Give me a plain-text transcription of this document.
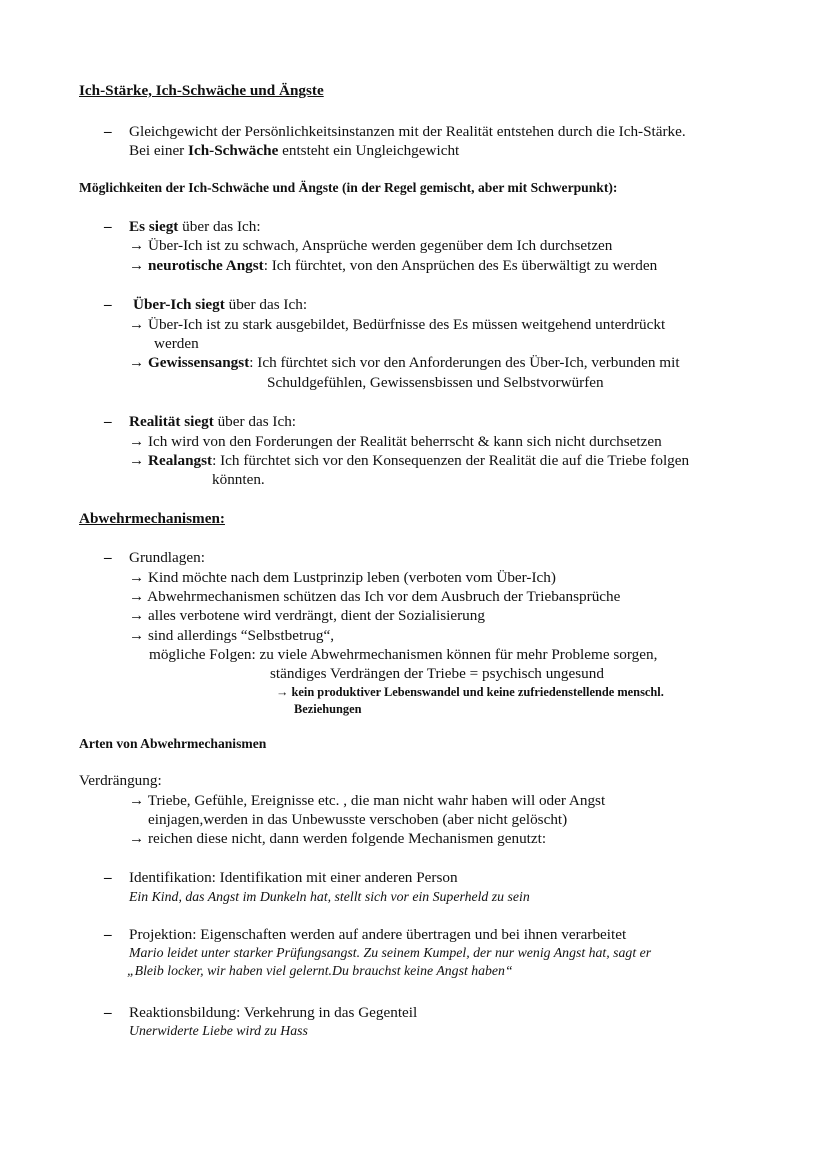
Ich-Stärke, Ich-Schwäche und Ängste
– Gleichgewicht der Persönlichkeitsinstanzen mit der Realität entstehen durch die Ich-Stärke.
Bei einer Ich-Schwäche entsteht ein Ungleichgewicht
Möglichkeiten der Ich-Schwäche und Ängste (in der Regel gemischt, aber mit Schwerpunkt):
– Es siegt über das Ich:
→ Über-Ich ist zu schwach, Ansprüche werden gegenüber dem Ich durchsetzen
→ neurotische Angst: Ich fürchtet, von den Ansprüchen des Es überwältigt zu werden
– Über-Ich siegt über das Ich:
→ Über-Ich ist zu stark ausgebildet, Bedürfnisse des Es müssen weitgehend unterdrückt
werden
→ Gewissensangst: Ich fürchtet sich vor den Anforderungen des Über-Ich, verbunden mit
Schuldgefühlen, Gewissensbissen und Selbstvorwürfen
– Realität siegt über das Ich:
→ Ich wird von den Forderungen der Realität beherrscht & kann sich nicht durchsetzen
→ Realangst: Ich fürchtet sich vor den Konsequenzen der Realität die auf die Triebe folgen
könnten.
Abwehrmechanismen:
– Grundlagen:
→ Kind möchte nach dem Lustprinzip leben (verboten vom Über-Ich)
→ Abwehrmechanismen schützen das Ich vor dem Ausbruch der Triebansprüche
→ alles verbotene wird verdrängt, dient der Sozialisierung
→ sind allerdings “Selbstbetrug“,
mögliche Folgen: zu viele Abwehrmechanismen können für mehr Probleme sorgen,
ständiges Verdrängen der Triebe = psychisch ungesund
→ kein produktiver Lebenswandel und keine zufriedenstellende menschl.
Beziehungen
Arten von Abwehrmechanismen
Verdrängung:
→ Triebe, Gefühle, Ereignisse etc. , die man nicht wahr haben will oder Angst
einjagen,werden in das Unbewusste verschoben (aber nicht gelöscht)
→ reichen diese nicht, dann werden folgende Mechanismen genutzt:
– Identifikation: Identifikation mit einer anderen Person
Ein Kind, das Angst im Dunkeln hat, stellt sich vor ein Superheld zu sein
– Projektion: Eigenschaften werden auf andere übertragen und bei ihnen verarbeitet
Mario leidet unter starker Prüfungsangst. Zu seinem Kumpel, der nur wenig Angst hat, sagt er
„Bleib locker, wir haben viel gelernt.Du brauchst keine Angst haben“
– Reaktionsbildung: Verkehrung in das Gegenteil
Unerwiderte Liebe wird zu Hass
